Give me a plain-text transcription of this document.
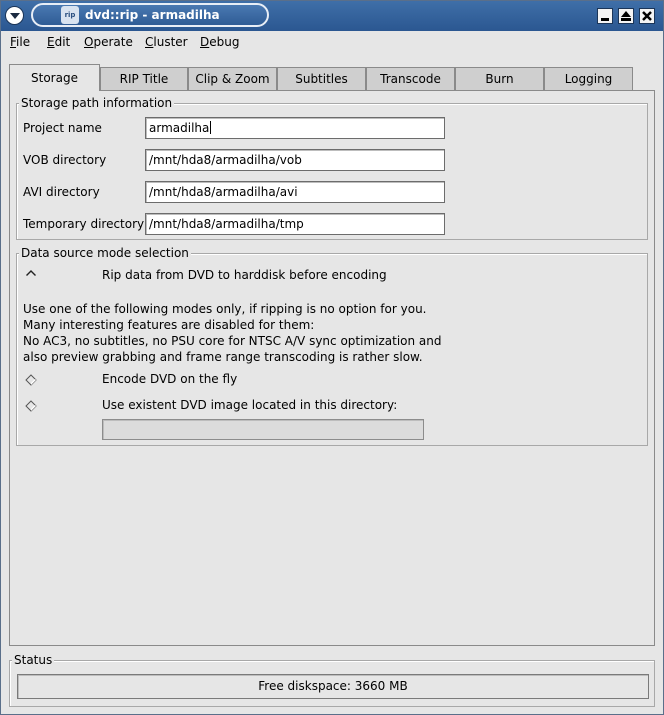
rip dvd::rip - armadilha
File Edit Operate Cluster Debug
Storage	RIP Title	Clip & Zoom	Subtitles	Transcode	Burn	Logging
Storage path information
Project name	armadilha
VOB directory	/mnt/hda8/armadilha/vob
AVI directory	/mnt/hda8/armadilha/avi
Temporary directory /mnt/hda8/armadilha/tmp
Data source mode selection
Rip data from DVD to harddisk before encoding
Use one of the following modes only, if ripping is no option for you.
Many interesting features are disabled for them:
No AC3, no subtitles, no PSU core for NTSC A/V sync optimization and
also preview grabbing and frame range transcoding is rather slow.
Encode DVD on the fly
Use existent DVD image located in this directory:
Status
Free diskspace: 3660 MB
